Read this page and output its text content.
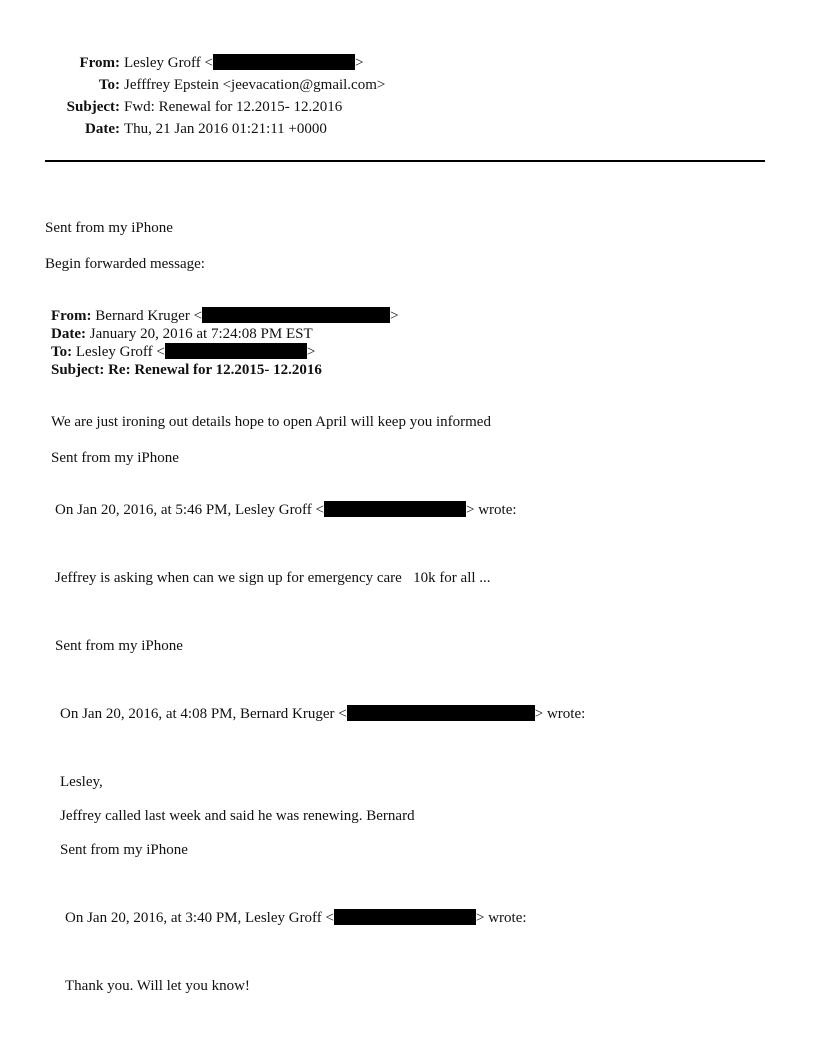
From: Lesley Groff <	>
To: Jefffrey Epstein <jeevacation@gmail.com>
Subject: Fwd: Renewal for 12.2015- 12.2016
Date: Thu, 21 Jan 2016 01:21:11 +0000
Sent from my iPhone
Begin forwarded message:
From: Bernard Kruger <	>
Date: January 20, 2016 at 7:24:08 PM EST
To: Lesley Groff <	>
Subject: Re: Renewal for 12.2015- 12.2016
We are just ironing out details hope to open April will keep you informed
Sent from my iPhone
On Jan 20, 2016, at 5:46 PM, Lesley Groff <	> wrote:
Jeffrey is asking when can we sign up for emergency care   10k for all ...
Sent from my iPhone
On Jan 20, 2016, at 4:08 PM, Bernard Kruger <	> wrote:
Lesley,
Jeffrey called last week and said he was renewing. Bernard
Sent from my iPhone
On Jan 20, 2016, at 3:40 PM, Lesley Groff <	> wrote:
Thank you. Will let you know!
